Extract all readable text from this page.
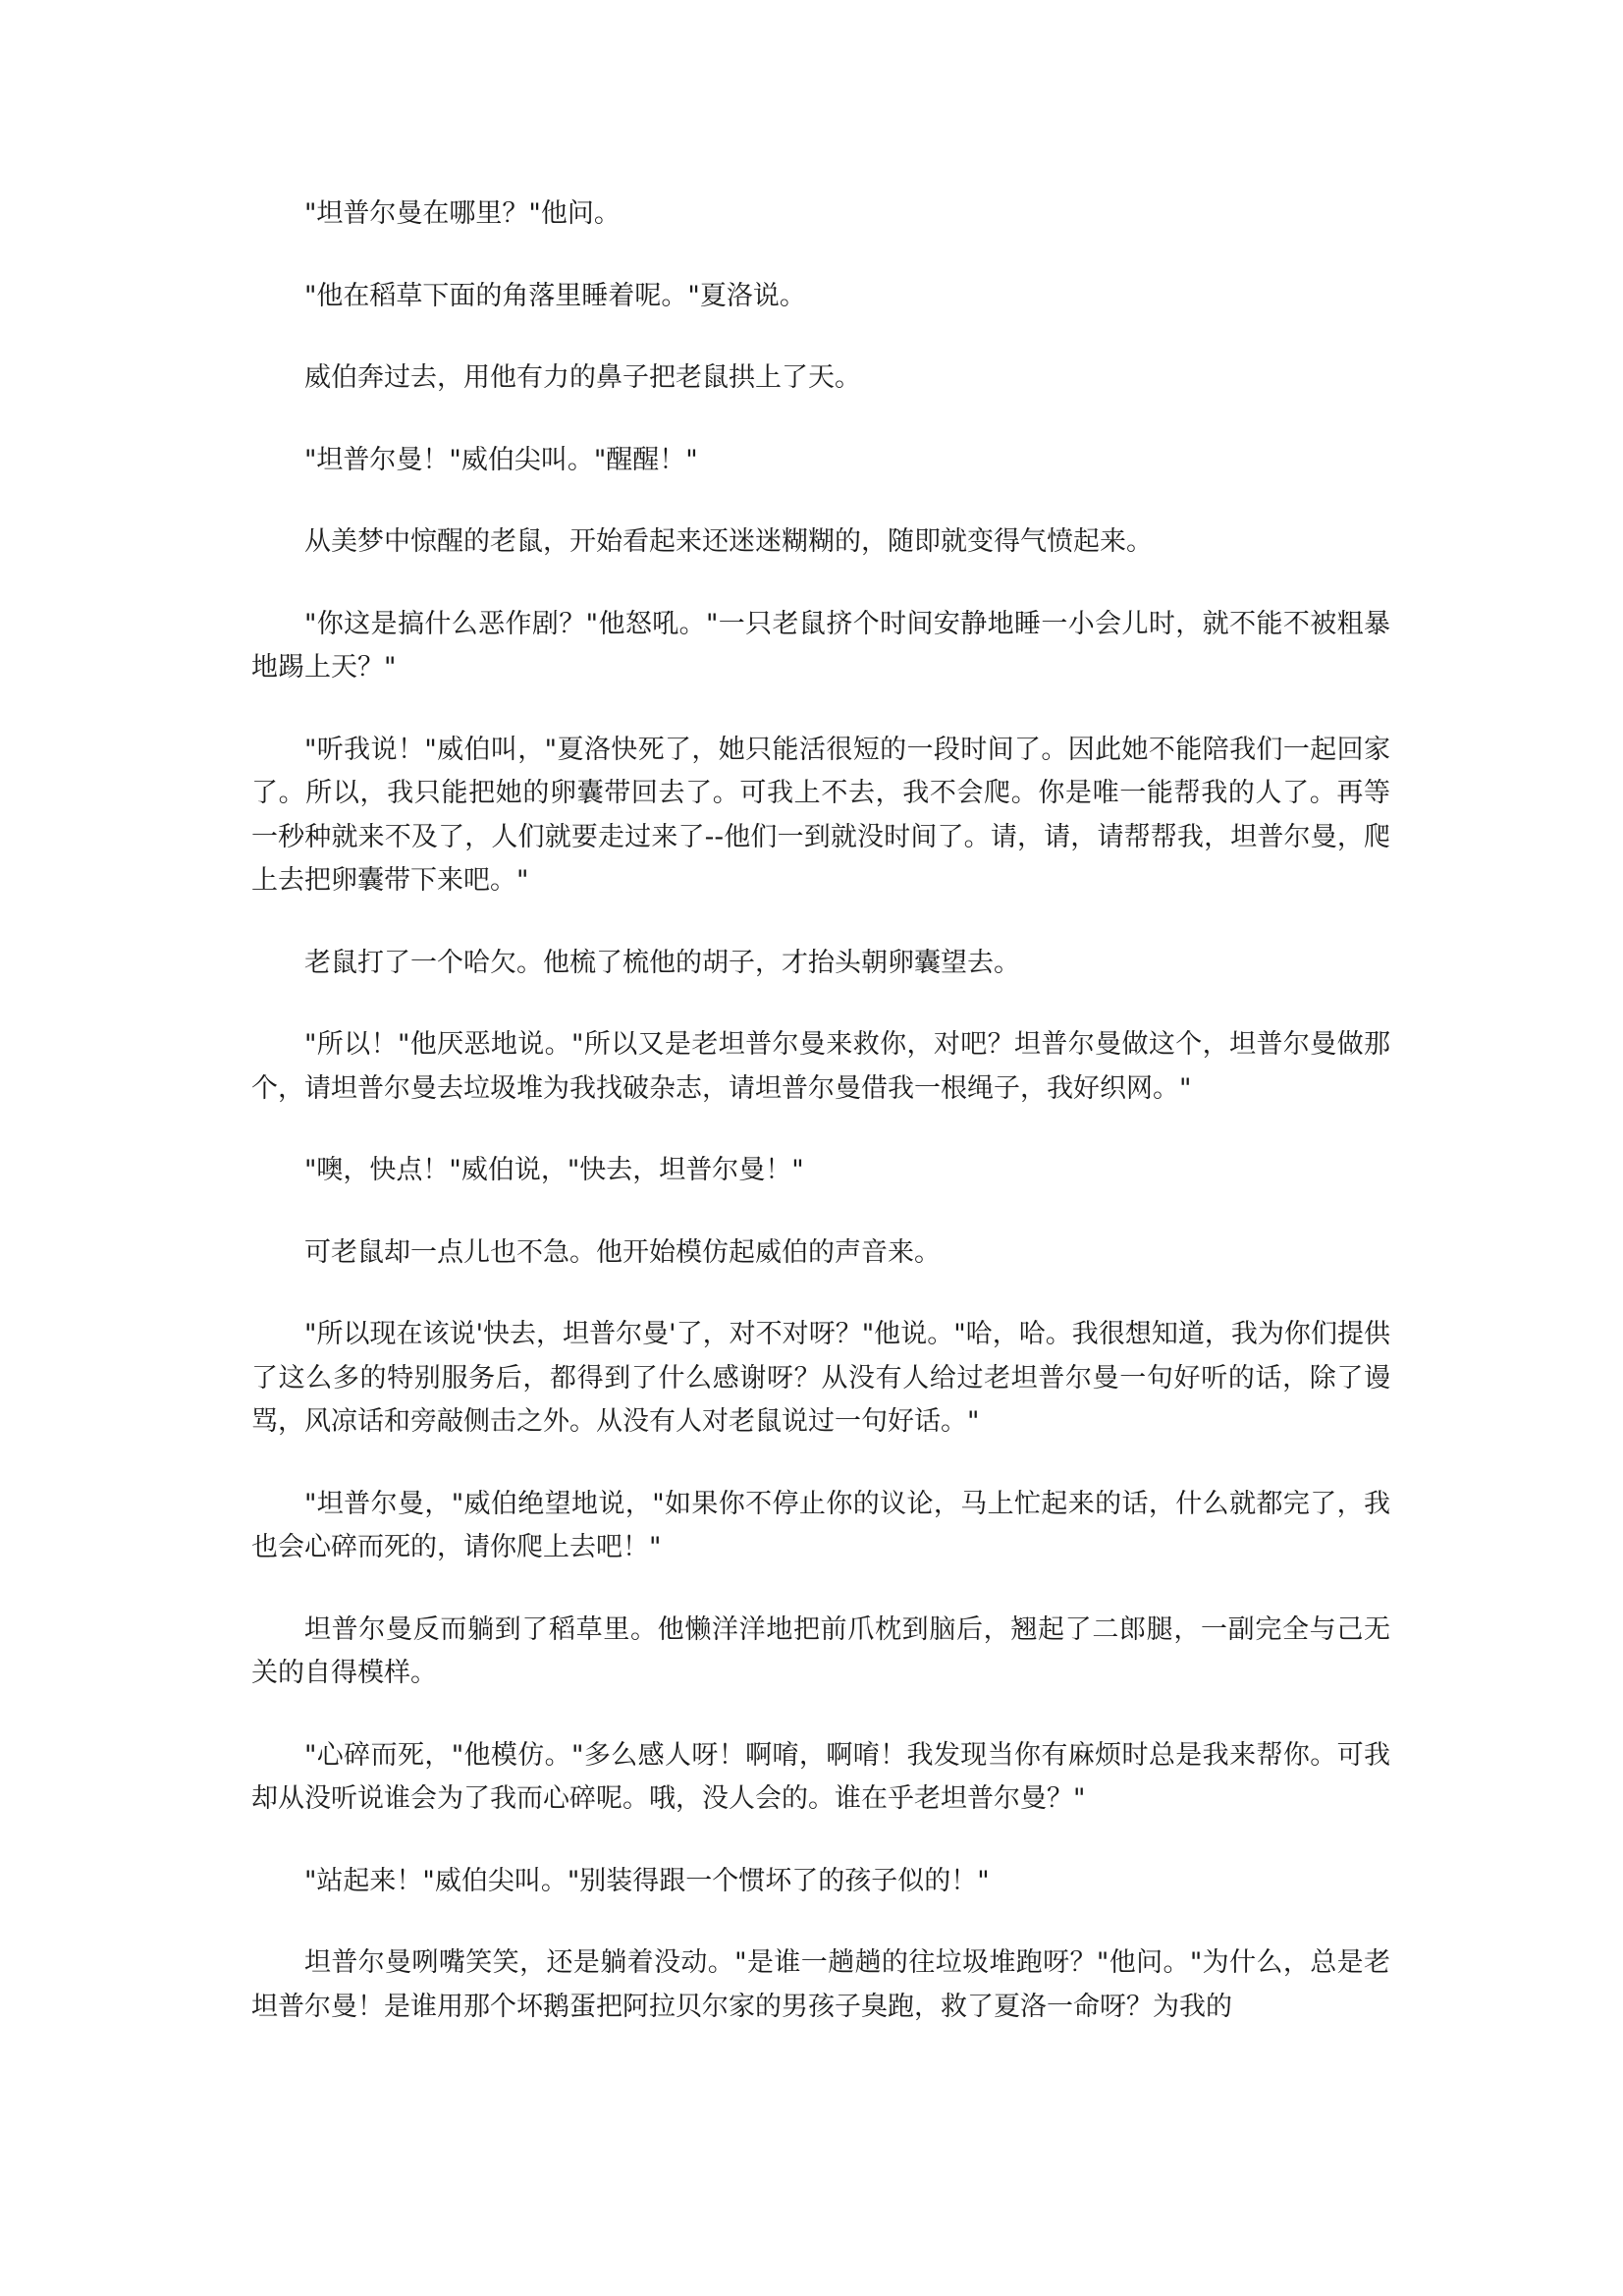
"坦普尔曼在哪里？"他问。

"他在稻草下面的角落里睡着呢。"夏洛说。

威伯奔过去，用他有力的鼻子把老鼠拱上了天。

"坦普尔曼！"威伯尖叫。"醒醒！"

从美梦中惊醒的老鼠，开始看起来还迷迷糊糊的，随即就变得气愤起来。

"你这是搞什么恶作剧？"他怒吼。"一只老鼠挤个时间安静地睡一小会儿时，就不能不被粗暴地踢上天？"

"听我说！"威伯叫，"夏洛快死了，她只能活很短的一段时间了。因此她不能陪我们一起回家了。所以，我只能把她的卵囊带回去了。可我上不去，我不会爬。你是唯一能帮我的人了。再等一秒种就来不及了，人们就要走过来了--他们一到就没时间了。请，请，请帮帮我，坦普尔曼，爬上去把卵囊带下来吧。"

老鼠打了一个哈欠。他梳了梳他的胡子，才抬头朝卵囊望去。

"所以！"他厌恶地说。"所以又是老坦普尔曼来救你，对吧？坦普尔曼做这个，坦普尔曼做那个，请坦普尔曼去垃圾堆为我找破杂志，请坦普尔曼借我一根绳子，我好织网。"

"噢，快点！"威伯说，"快去，坦普尔曼！"

可老鼠却一点儿也不急。他开始模仿起威伯的声音来。

"所以现在该说'快去，坦普尔曼'了，对不对呀？"他说。"哈，哈。我很想知道，我为你们提供了这么多的特别服务后，都得到了什么感谢呀？从没有人给过老坦普尔曼一句好听的话，除了谩骂，风凉话和旁敲侧击之外。从没有人对老鼠说过一句好话。"

"坦普尔曼，"威伯绝望地说，"如果你不停止你的议论，马上忙起来的话，什么就都完了，我也会心碎而死的，请你爬上去吧！"

坦普尔曼反而躺到了稻草里。他懒洋洋地把前爪枕到脑后，翘起了二郎腿，一副完全与己无关的自得模样。

"心碎而死，"他模仿。"多么感人呀！啊唷，啊唷！我发现当你有麻烦时总是我来帮你。可我却从没听说谁会为了我而心碎呢。哦，没人会的。谁在乎老坦普尔曼？"

"站起来！"威伯尖叫。"别装得跟一个惯坏了的孩子似的！"

坦普尔曼咧嘴笑笑，还是躺着没动。"是谁一趟趟的往垃圾堆跑呀？"他问。"为什么，总是老坦普尔曼！是谁用那个坏鹅蛋把阿拉贝尔家的男孩子臭跑，救了夏洛一命呀？为我的
